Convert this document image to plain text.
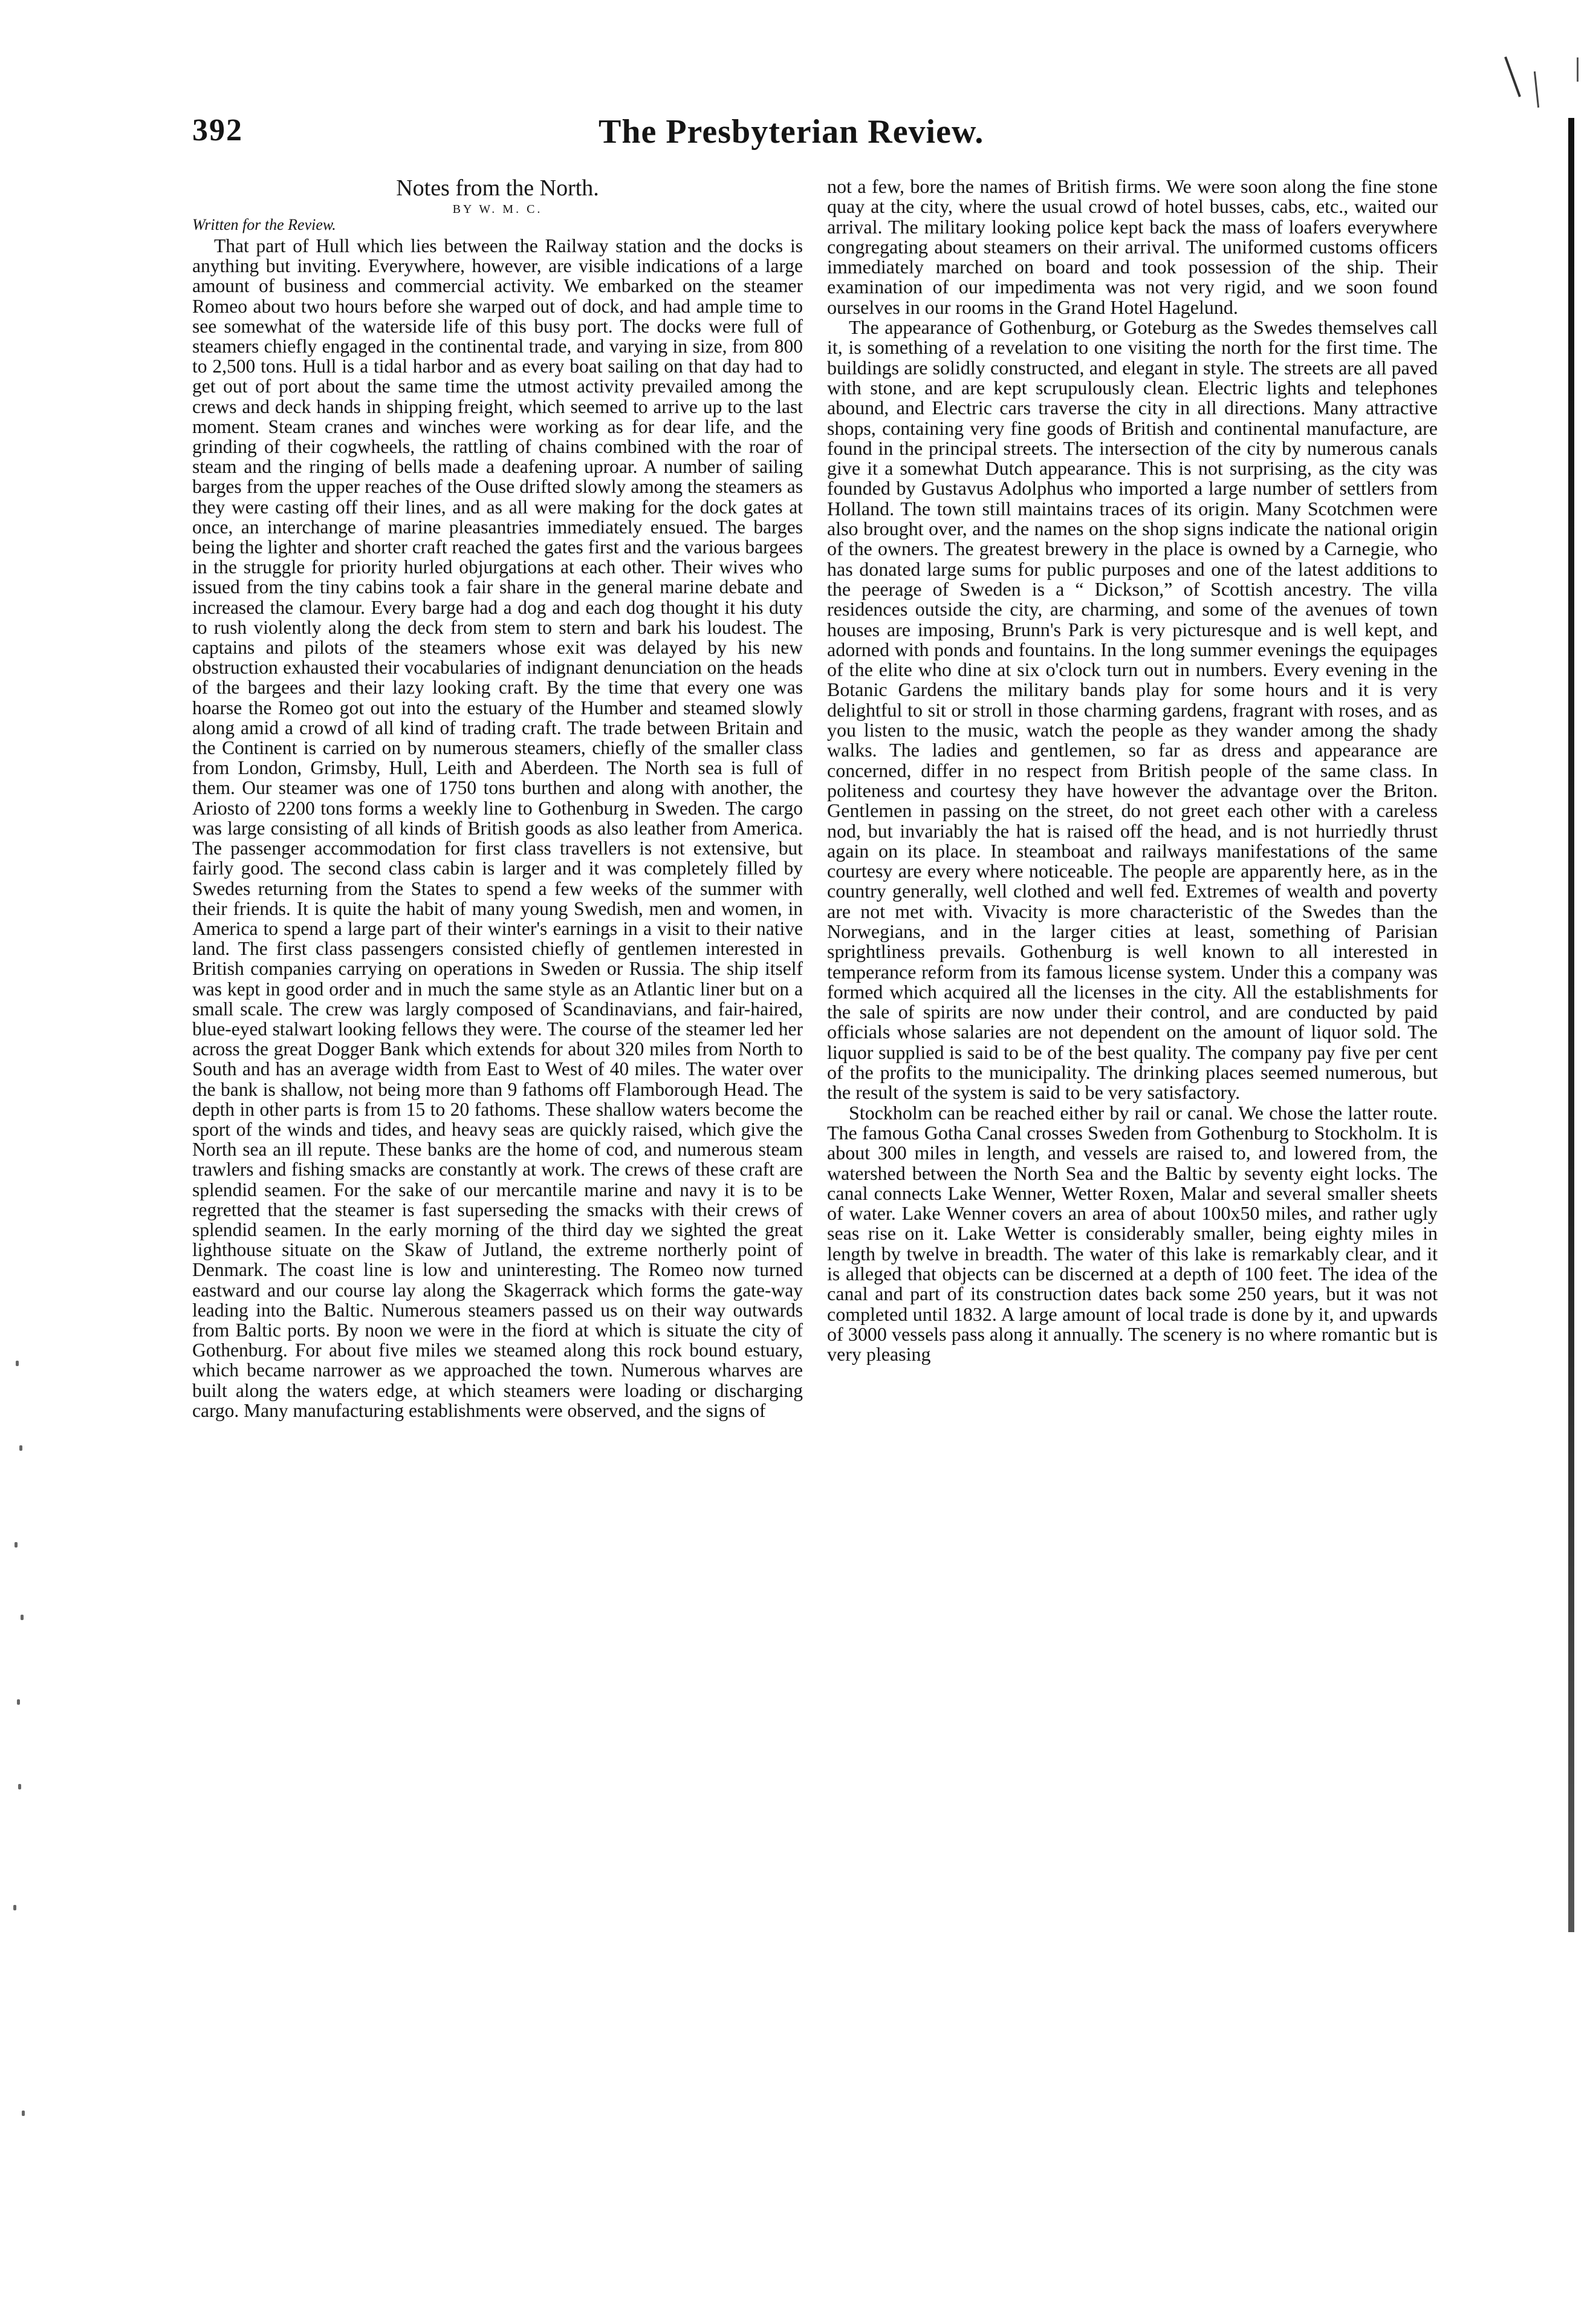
392	The Presbyterian Review.

Notes from the North.

BY W. M. C.

Written for the Review.

That part of Hull which lies between the Railway station and the docks is anything but inviting. Everywhere, however, are visible indications of a large amount of business and commercial activity. We embarked on the steamer Romeo about two hours before she warped out of dock, and had ample time to see somewhat of the waterside life of this busy port. The docks were full of steamers chiefly engaged in the continental trade, and varying in size, from 800 to 2,500 tons. Hull is a tidal harbor and as every boat sailing on that day had to get out of port about the same time the utmost activity prevailed among the crews and deck hands in shipping freight, which seemed to arrive up to the last moment. Steam cranes and winches were working as for dear life, and the grinding of their cogwheels, the rattling of chains combined with the roar of steam and the ringing of bells made a deafening uproar. A number of sailing barges from the upper reaches of the Ouse drifted slowly among the steamers as they were casting off their lines, and as all were making for the dock gates at once, an interchange of marine pleasantries immediately ensued. The barges being the lighter and shorter craft reached the gates first and the various bargees in the struggle for priority hurled objurgations at each other. Their wives who issued from the tiny cabins took a fair share in the general marine debate and increased the clamour. Every barge had a dog and each dog thought it his duty to rush violently along the deck from stem to stern and bark his loudest. The captains and pilots of the steamers whose exit was delayed by his new obstruction exhausted their vocabularies of indignant denunciation on the heads of the bargees and their lazy looking craft. By the time that every one was hoarse the Romeo got out into the estuary of the Humber and steamed slowly along amid a crowd of all kind of trading craft. The trade between Britain and the Continent is carried on by numerous steamers, chiefly of the smaller class from London, Grimsby, Hull, Leith and Aberdeen. The North sea is full of them. Our steamer was one of 1750 tons burthen and along with another, the Ariosto of 2200 tons forms a weekly line to Gothenburg in Sweden. The cargo was large consisting of all kinds of British goods as also leather from America. The passenger accommodation for first class travellers is not extensive, but fairly good. The second class cabin is larger and it was completely filled by Swedes returning from the States to spend a few weeks of the summer with their friends. It is quite the habit of many young Swedish, men and women, in America to spend a large part of their winter's earnings in a visit to their native land. The first class passengers consisted chiefly of gentlemen interested in British companies carrying on operations in Sweden or Russia. The ship itself was kept in good order and in much the same style as an Atlantic liner but on a small scale. The crew was largly composed of Scandinavians, and fair-haired, blue-eyed stalwart looking fellows they were. The course of the steamer led her across the great Dogger Bank which extends for about 320 miles from North to South and has an average width from East to West of 40 miles. The water over the bank is shallow, not being more than 9 fathoms off Flamborough Head. The depth in other parts is from 15 to 20 fathoms. These shallow waters become the sport of the winds and tides, and heavy seas are quickly raised, which give the North sea an ill repute. These banks are the home of cod, and numerous steam trawlers and fishing smacks are constantly at work. The crews of these craft are splendid seamen. For the sake of our mercantile marine and navy it is to be regretted that the steamer is fast superseding the smacks with their crews of splendid seamen. In the early morning of the third day we sighted the great lighthouse situate on the Skaw of Jutland, the extreme northerly point of Denmark. The coast line is low and uninteresting. The Romeo now turned eastward and our course lay along the Skagerrack which forms the gate-way leading into the Baltic. Numerous steamers passed us on their way outwards from Baltic ports. By noon we were in the fiord at which is situate the city of Gothenburg. For about five miles we steamed along this rock bound estuary, which became narrower as we approached the town. Numerous wharves are built along the waters edge, at which steamers were loading or discharging cargo. Many manufacturing establishments were observed, and the signs of

not a few, bore the names of British firms. We were soon along the fine stone quay at the city, where the usual crowd of hotel busses, cabs, etc., waited our arrival. The military looking police kept back the mass of loafers everywhere congregating about steamers on their arrival. The uniformed customs officers immediately marched on board and took possession of the ship. Their examination of our impedimenta was not very rigid, and we soon found ourselves in our rooms in the Grand Hotel Hagelund.

The appearance of Gothenburg, or Goteburg as the Swedes themselves call it, is something of a revelation to one visiting the north for the first time. The buildings are solidly constructed, and elegant in style. The streets are all paved with stone, and are kept scrupulously clean. Electric lights and telephones abound, and Electric cars traverse the city in all directions. Many attractive shops, containing very fine goods of British and continental manufacture, are found in the principal streets. The intersection of the city by numerous canals give it a somewhat Dutch appearance. This is not surprising, as the city was founded by Gustavus Adolphus who imported a large number of settlers from Holland. The town still maintains traces of its origin. Many Scotchmen were also brought over, and the names on the shop signs indicate the national origin of the owners. The greatest brewery in the place is owned by a Carnegie, who has donated large sums for public purposes and one of the latest additions to the peerage of Sweden is a “ Dickson,” of Scottish ancestry. The villa residences outside the city, are charming, and some of the avenues of town houses are imposing, Brunn's Park is very picturesque and is well kept, and adorned with ponds and fountains. In the long summer evenings the equipages of the elite who dine at six o'clock turn out in numbers. Every evening in the Botanic Gardens the military bands play for some hours and it is very delightful to sit or stroll in those charming gardens, fragrant with roses, and as you listen to the music, watch the people as they wander among the shady walks. The ladies and gentlemen, so far as dress and appearance are concerned, differ in no respect from British people of the same class. In politeness and courtesy they have however the advantage over the Briton. Gentlemen in passing on the street, do not greet each other with a careless nod, but invariably the hat is raised off the head, and is not hurriedly thrust again on its place. In steamboat and railways manifestations of the same courtesy are every where noticeable. The people are apparently here, as in the country generally, well clothed and well fed. Extremes of wealth and poverty are not met with. Vivacity is more characteristic of the Swedes than the Norwegians, and in the larger cities at least, something of Parisian sprightliness prevails. Gothenburg is well known to all interested in temperance reform from its famous license system. Under this a company was formed which acquired all the licenses in the city. All the establishments for the sale of spirits are now under their control, and are conducted by paid officials whose salaries are not dependent on the amount of liquor sold. The liquor supplied is said to be of the best quality. The company pay five per cent of the profits to the municipality. The drinking places seemed numerous, but the result of the system is said to be very satisfactory.

Stockholm can be reached either by rail or canal. We chose the latter route. The famous Gotha Canal crosses Sweden from Gothenburg to Stockholm. It is about 300 miles in length, and vessels are raised to, and lowered from, the watershed between the North Sea and the Baltic by seventy eight locks. The canal connects Lake Wenner, Wetter Roxen, Malar and several smaller sheets of water. Lake Wenner covers an area of about 100x50 miles, and rather ugly seas rise on it. Lake Wetter is considerably smaller, being eighty miles in length by twelve in breadth. The water of this lake is remarkably clear, and it is alleged that objects can be discerned at a depth of 100 feet. The idea of the canal and part of its construction dates back some 250 years, but it was not completed until 1832. A large amount of local trade is done by it, and upwards of 3000 vessels pass along it annually. The scenery is no where romantic but is very pleasing
